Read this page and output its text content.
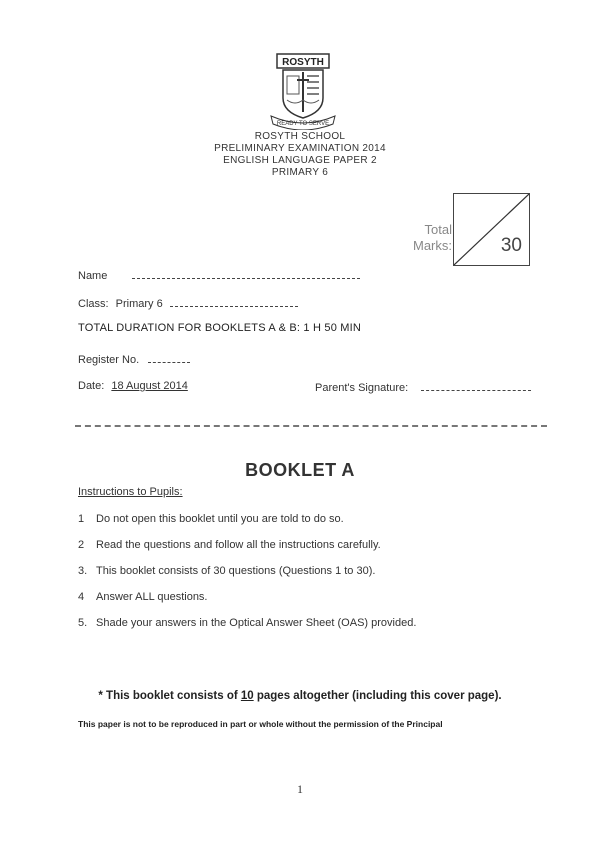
ROSYTH
READY TO SERVE
ROSYTH SCHOOL
PRELIMINARY EXAMINATION 2014
ENGLISH LANGUAGE PAPER 2
PRIMARY 6
Total
Marks:	30
Name
Class: Primary 6
TOTAL DURATION FOR BOOKLETS A & B: 1 H 50 MIN
Register No.
Date: 18 August 2014	Parent's Signature:
BOOKLET A
Instructions to Pupils:
1 Do not open this booklet until you are told to do so.
2 Read the questions and follow all the instructions carefully.
3. This booklet consists of 30 questions (Questions 1 to 30).
4 Answer ALL questions.
5. Shade your answers in the Optical Answer Sheet (OAS) provided.
* This booklet consists of 10 pages altogether (including this cover page).
This paper is not to be reproduced in part or whole without the permission of the Principal
1
